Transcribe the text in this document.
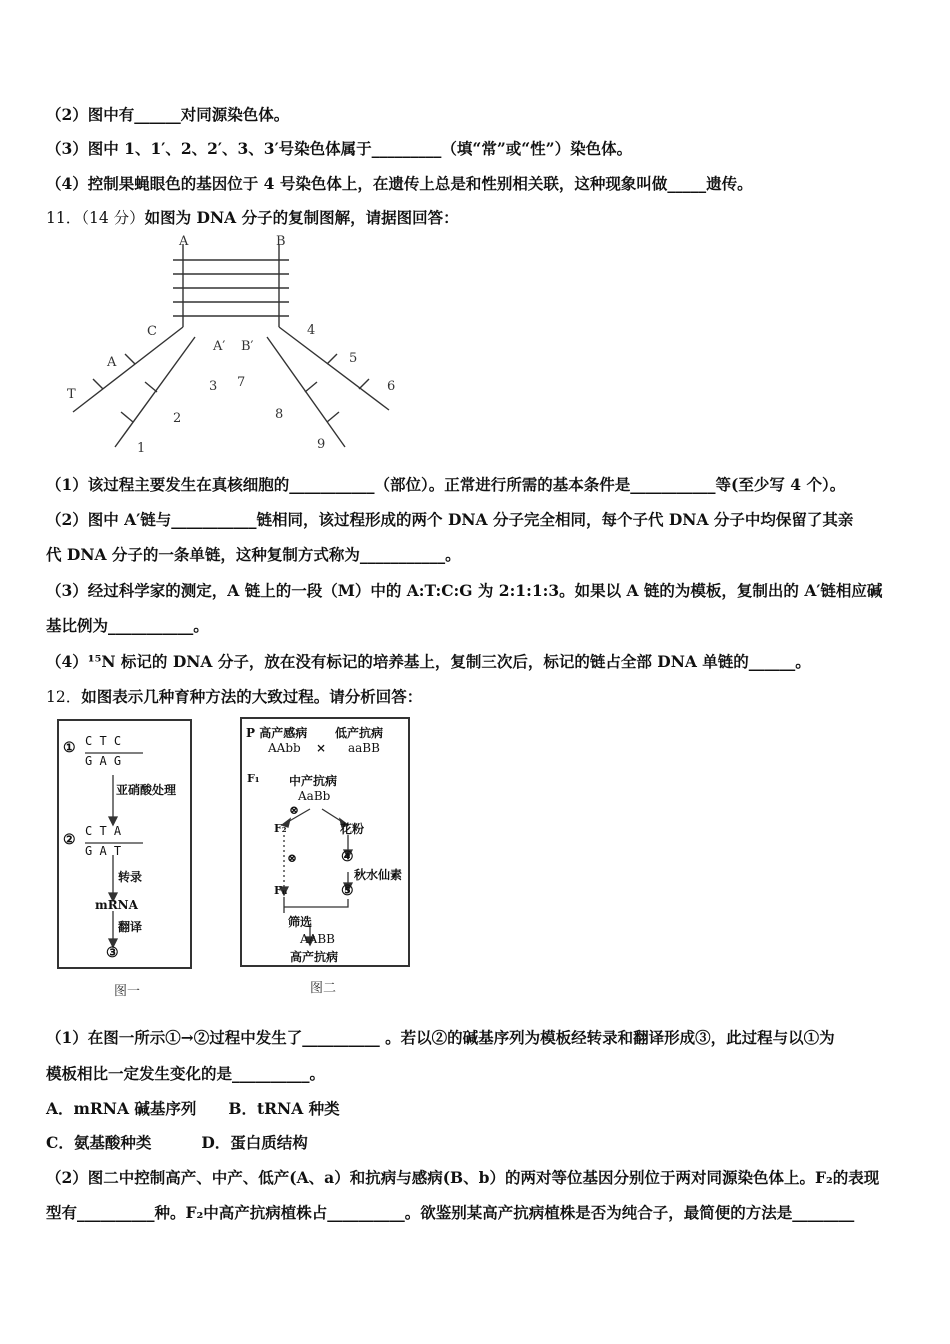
（2）图中有______对同源染色体。
（3）图中 1、1′、2、2′、3、3′号染色体属于_________（填“常”或“性”）染色体。
（4）控制果蝇眼色的基因位于 4 号染色体上，在遗传上总是和性别相关联，这种现象叫做_____遗传。
11．（14 分）如图为 DNA 分子的复制图解，请据图回答：
A	B
C
A′ B′
A
T
3
2
1
4
5
6
7
8
9
（1）该过程主要发生在真核细胞的___________（部位）。正常进行所需的基本条件是___________等(至少写 4 个）。
（2）图中 A′链与___________链相同，该过程形成的两个 DNA 分子完全相同，每个子代 DNA 分子中均保留了其亲
代 DNA 分子的一条单链，这种复制方式称为___________。
（3）经过科学家的测定，A 链上的一段（M）中的 A:T:C:G 为 2:1:1:3。如果以 A 链的为模板，复制出的 A′链相应碱
基比例为___________。
（4）¹⁵N 标记的 DNA 分子，放在没有标记的培养基上，复制三次后，标记的链占全部 DNA 单链的______。
12．如图表示几种育种方法的大致过程。请分析回答：
① C T C
G A G
亚硝酸处理
②
C T A
G A T
转录
mRNA
翻译
③
图一
P 高产感病 低产抗病
AAbb × aaBB
F₁ 中产抗病
AaBb
⊗
F₂	花粉
④
⊗
秋水仙素
⑤
Fₙ
筛选
AABB
高产抗病
图二
（1）在图一所示①→②过程中发生了__________ 。若以②的碱基序列为模板经转录和翻译形成③，此过程与以①为
模板相比一定发生变化的是__________。
A．mRNA 碱基序列 B．tRNA 种类
C．氨基酸种类	D．蛋白质结构
（2）图二中控制高产、中产、低产(A、a）和抗病与感病(B、b）的两对等位基因分别位于两对同源染色体上。F₂的表现
型有__________种。F₂中高产抗病植株占__________。欲鉴别某高产抗病植株是否为纯合子，最简便的方法是________
